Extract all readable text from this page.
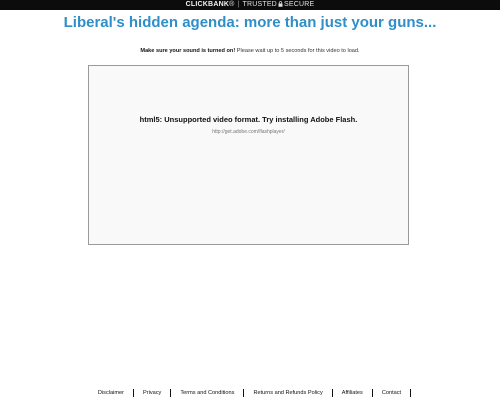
CLICKBANK® | TRUSTED SECURE
Liberal's hidden agenda: more than just your guns...
Make sure your sound is turned on! Please wait up to 5 seconds for this video to load.
html5: Unsupported video format. Try installing Adobe Flash.
http://get.adobe.com/flashplayer/
Disclaimer	Privacy	Terms and Conditions	Returns and Refunds Policy	Affiliates	Contact
